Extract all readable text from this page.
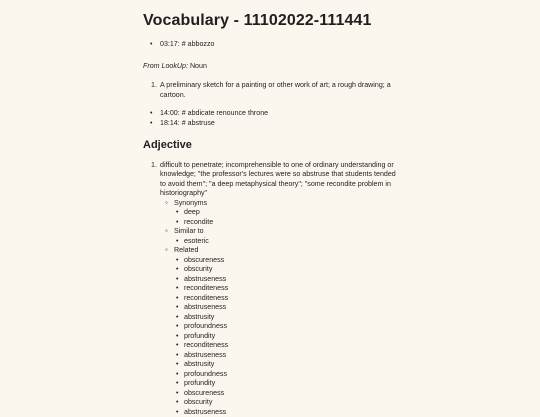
Vocabulary - 11102022-111441
• 03:17: # abbozzo

From LookUp: Noun

1. A preliminary sketch for a painting or other work of art; a rough drawing; a cartoon.
• 14:00: # abdicate renounce throne
• 18:14: # abstruse
Adjective
1. difficult to penetrate; incomprehensible to one of ordinary understanding or knowledge; "the professor's lectures were so abstruse that students tended to avoid them"; "a deep metaphysical theory"; "some recondite problem in historiography"
◦ Synonyms
• deep
• recondite
◦ Similar to
• esoteric
◦ Related
• obscureness
• obscurity
• abstruseness
• reconditeness
• reconditeness
• abstruseness
• abstrusity
• profoundness
• profundity
• reconditeness
• abstruseness
• abstrusity
• profoundness
• profundity
• obscureness
• obscurity
• abstruseness
